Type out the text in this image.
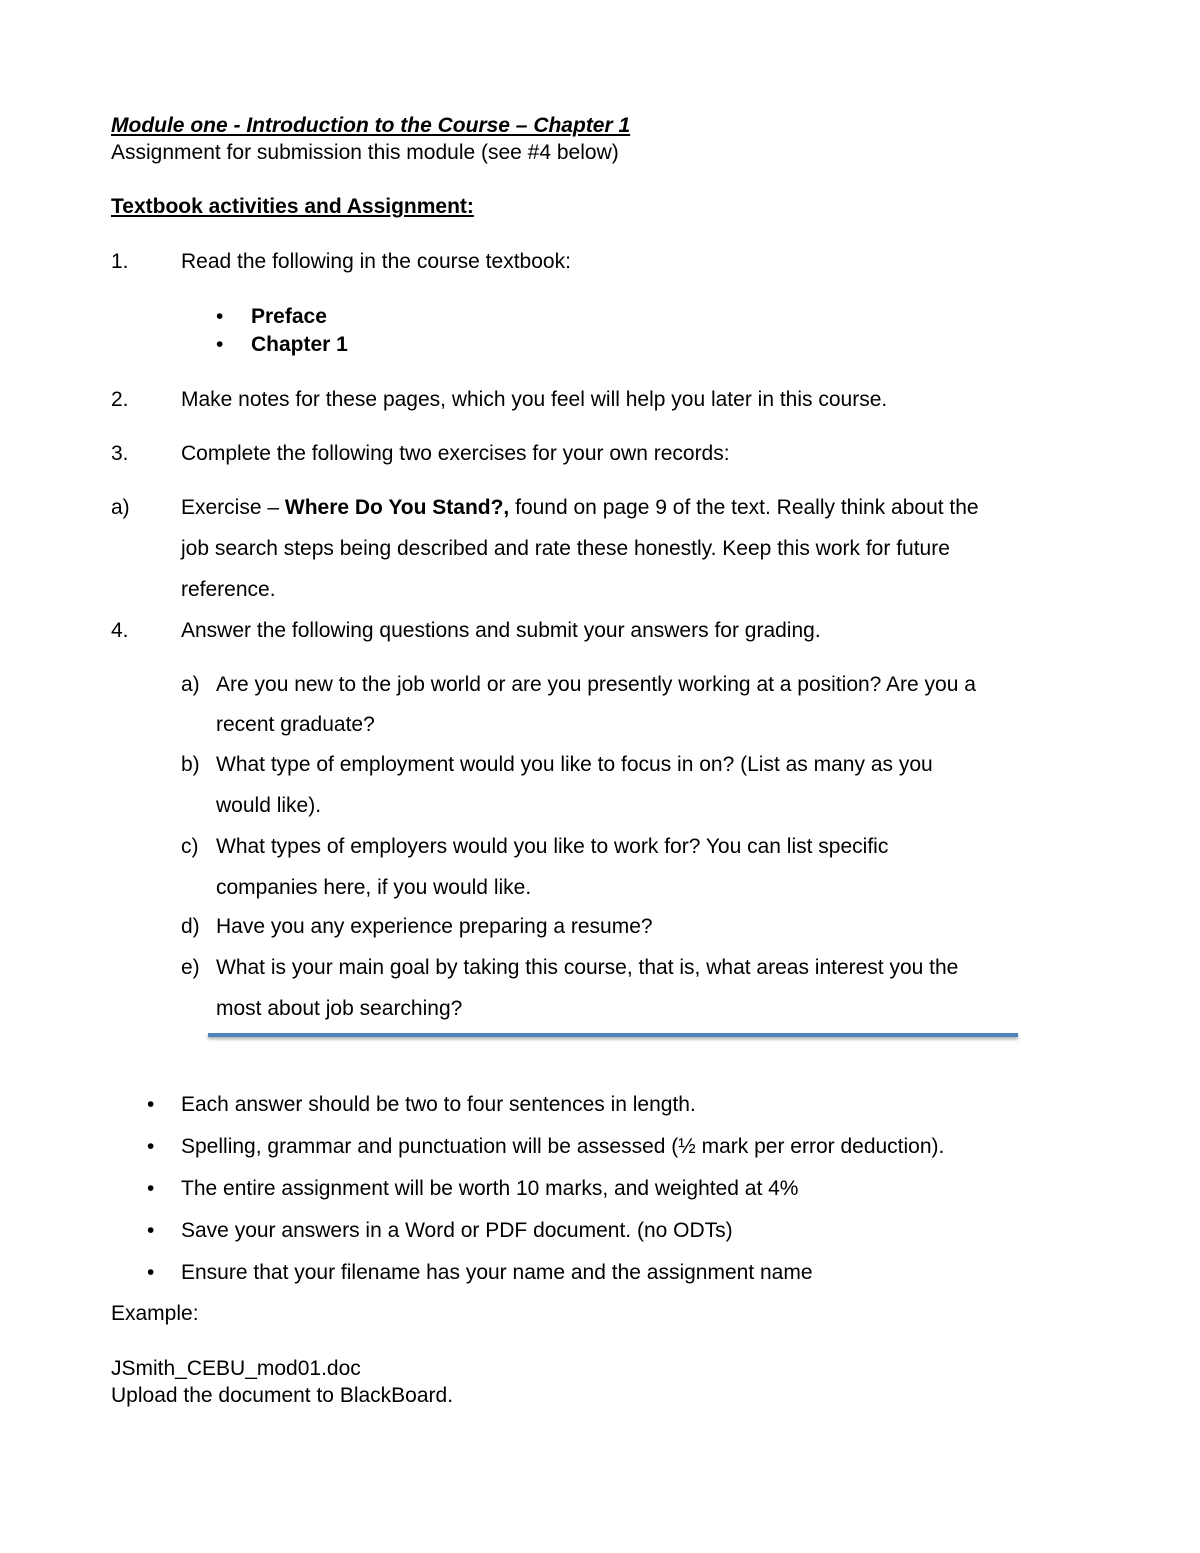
Module one - Introduction to the Course – Chapter 1
Assignment for submission this module (see #4 below)
Textbook activities and Assignment:
1. Read the following in the course textbook:
• Preface
• Chapter 1
2. Make notes for these pages, which you feel will help you later in this course.
3. Complete the following two exercises for your own records:
a) Exercise – Where Do You Stand?, found on page 9 of the text. Really think about the
job search steps being described and rate these honestly. Keep this work for future
reference.
4. Answer the following questions and submit your answers for grading.
a) Are you new to the job world or are you presently working at a position? Are you a
recent graduate?
b) What type of employment would you like to focus in on? (List as many as you
would like).
c) What types of employers would you like to work for? You can list specific
companies here, if you would like.
d) Have you any experience preparing a resume?
e) What is your main goal by taking this course, that is, what areas interest you the
most about job searching?
• Each answer should be two to four sentences in length.
• Spelling, grammar and punctuation will be assessed (½ mark per error deduction).
• The entire assignment will be worth 10 marks, and weighted at 4%
• Save your answers in a Word or PDF document. (no ODTs)
• Ensure that your filename has your name and the assignment name
Example:
JSmith_CEBU_mod01.doc
Upload the document to BlackBoard.
